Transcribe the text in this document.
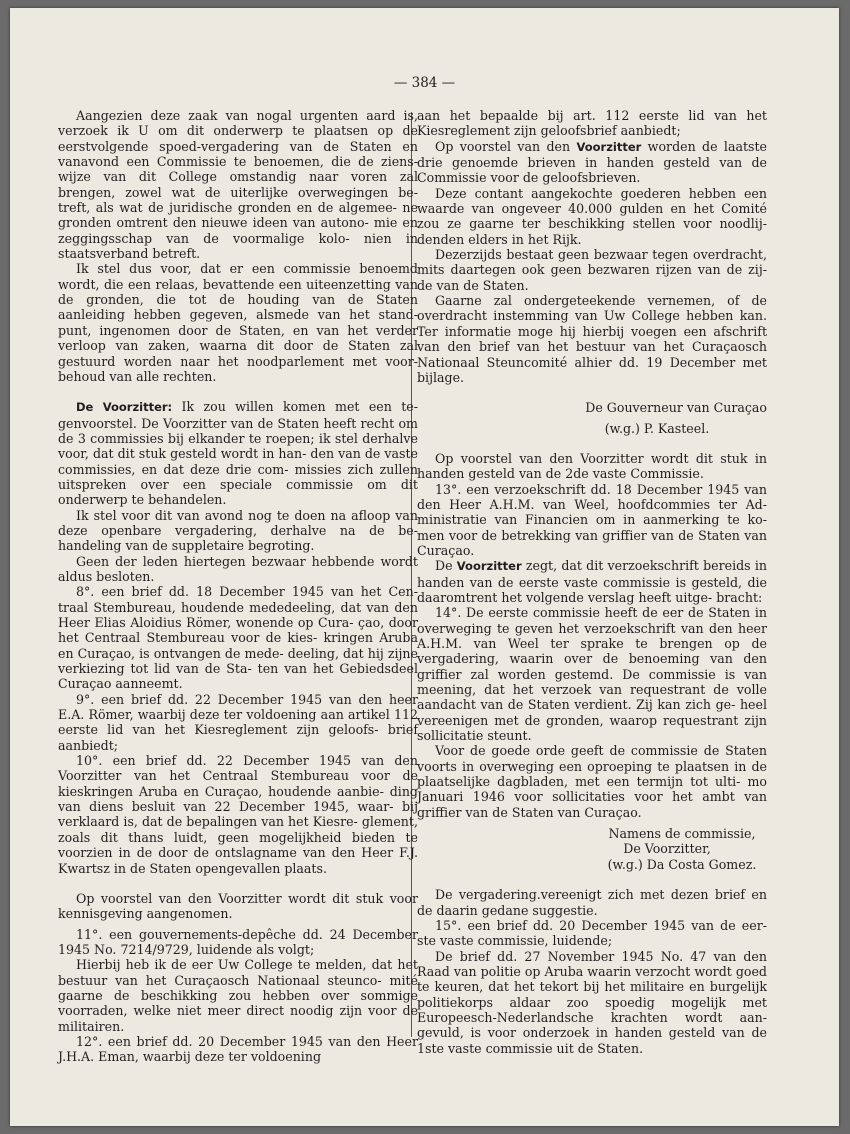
— 384 —

Aangezien deze zaak van nogal urgenten aard is, verzoek ik U om dit onderwerp te plaatsen op de eerstvolgende spoed-vergadering van de Staten en vanavond een Commissie te benoemen, die de ziens- wijze van dit College omstandig naar voren zal brengen, zowel wat de uiterlijke overwegingen be- treft, als wat de juridische gronden en de algemee- ne gronden omtrent den nieuwe ideen van autono- mie en zeggingsschap van de voormalige kolo- nien in staatsverband betreft.

Ik stel dus voor, dat er een commissie benoemd wordt, die een relaas, bevattende een uiteenzetting van de gronden, die tot de houding van de Staten aanleiding hebben gegeven, alsmede van het stand- punt, ingenomen door de Staten, en van het verder verloop van zaken, waarna dit door de Staten zal gestuurd worden naar het noodparlement met voor- behoud van alle rechten.

De Voorzitter: Ik zou willen komen met een te- genvoorstel. De Voorzitter van de Staten heeft recht om de 3 commissies bij elkander te roepen; ik stel derhalve voor, dat dit stuk gesteld wordt in han- den van de vaste commissies, en dat deze drie com- missies zich zullen uitspreken over een speciale commissie om dit onderwerp te behandelen.

Ik stel voor dit van avond nog te doen na afloop van deze openbare vergadering, derhalve na de be- handeling van de suppletaire begroting.

Geen der leden hiertegen bezwaar hebbende wordt aldus besloten.

8°. een brief dd. 18 December 1945 van het Cen- traal Stembureau, houdende mededeeling, dat van den Heer Elias Aloidius Römer, wonende op Cura- çao, door het Centraal Stembureau voor de kies- kringen Aruba en Curaçao, is ontvangen de mede- deeling, dat hij zijne verkiezing tot lid van de Sta- ten van het Gebiedsdeel Curaçao aanneemt.

9°. een brief dd. 22 December 1945 van den heer E.A. Römer, waarbij deze ter voldoening aan artikel 112 eerste lid van het Kiesreglement zijn geloofs- brief aanbiedt;

10°. een brief dd. 22 December 1945 van den Voorzitter van het Centraal Stembureau voor de kieskringen Aruba en Curaçao, houdende aanbie- ding van diens besluit van 22 December 1945, waar- bij verklaard is, dat de bepalingen van het Kiesre- glement, zoals dit thans luidt, geen mogelijkheid bieden te voorzien in de door de ontslagname van den Heer F.J. Kwartsz in de Staten opengevallen plaats.

Op voorstel van den Voorzitter wordt dit stuk voor kennisgeving aangenomen.

11°. een gouvernements-depêche dd. 24 December 1945 No. 7214/9729, luidende als volgt;

Hierbij heb ik de eer Uw College te melden, dat het bestuur van het Curaçaosch Nationaal steunco- mité gaarne de beschikking zou hebben over sommige voorraden, welke niet meer direct noodig zijn voor de militairen.

12°. een brief dd. 20 December 1945 van den Heer J.H.A. Eman, waarbij deze ter voldoening

aan het bepaalde bij art. 112 eerste lid van het Kiesreglement zijn geloofsbrief aanbiedt;

Op voorstel van den Voorzitter worden de laatste drie genoemde brieven in handen gesteld van de Commissie voor de geloofsbrieven.

Deze contant aangekochte goederen hebben een waarde van ongeveer 40.000 gulden en het Comité zou ze gaarne ter beschikking stellen voor noodlij- denden elders in het Rijk.

Dezerzijds bestaat geen bezwaar tegen overdracht, mits daartegen ook geen bezwaren rijzen van de zij- de van de Staten.

Gaarne zal ondergeteekende vernemen, of de overdracht instemming van Uw College hebben kan. Ter informatie moge hij hierbij voegen een afschrift van den brief van het bestuur van het Curaçaosch Nationaal Steuncomité alhier dd. 19 December met bijlage.

De Gouverneur van Curaçao

(w.g.) P. Kasteel.

Op voorstel van den Voorzitter wordt dit stuk in handen gesteld van de 2de vaste Commissie.

13°. een verzoekschrift dd. 18 December 1945 van den Heer A.H.M. van Weel, hoofdcommies ter Ad- ministratie van Financien om in aanmerking te ko- men voor de betrekking van griffier van de Staten van Curaçao.

De Voorzitter zegt, dat dit verzoekschrift bereids in handen van de eerste vaste commissie is gesteld, die daaromtrent het volgende verslag heeft uitge- bracht:

14°. De eerste commissie heeft de eer de Staten in overweging te geven het verzoekschrift van den heer A.H.M. van Weel ter sprake te brengen op de vergadering, waarin over de benoeming van den griffier zal worden gestemd. De commissie is van meening, dat het verzoek van requestrant de volle aandacht van de Staten verdient. Zij kan zich ge- heel vereenigen met de gronden, waarop requestrant zijn sollicitatie steunt.

Voor de goede orde geeft de commissie de Staten voorts in overweging een oproeping te plaatsen in de plaatselijke dagbladen, met een termijn tot ulti- mo Januari 1946 voor sollicitaties voor het ambt van griffier van de Staten van Curaçao.

Namens de commissie,

De Voorzitter,

(w.g.) Da Costa Gomez.

De vergadering.vereenigt zich met dezen brief en de daarin gedane suggestie.

15°. een brief dd. 20 December 1945 van de eer- ste vaste commissie, luidende;

De brief dd. 27 November 1945 No. 47 van den Raad van politie op Aruba waarin verzocht wordt goed te keuren, dat het tekort bij het militaire en burgelijk politiekorps aldaar zoo spoedig mogelijk met Europeesch-Nederlandsche krachten wordt aan- gevuld, is voor onderzoek in handen gesteld van de 1ste vaste commissie uit de Staten.
